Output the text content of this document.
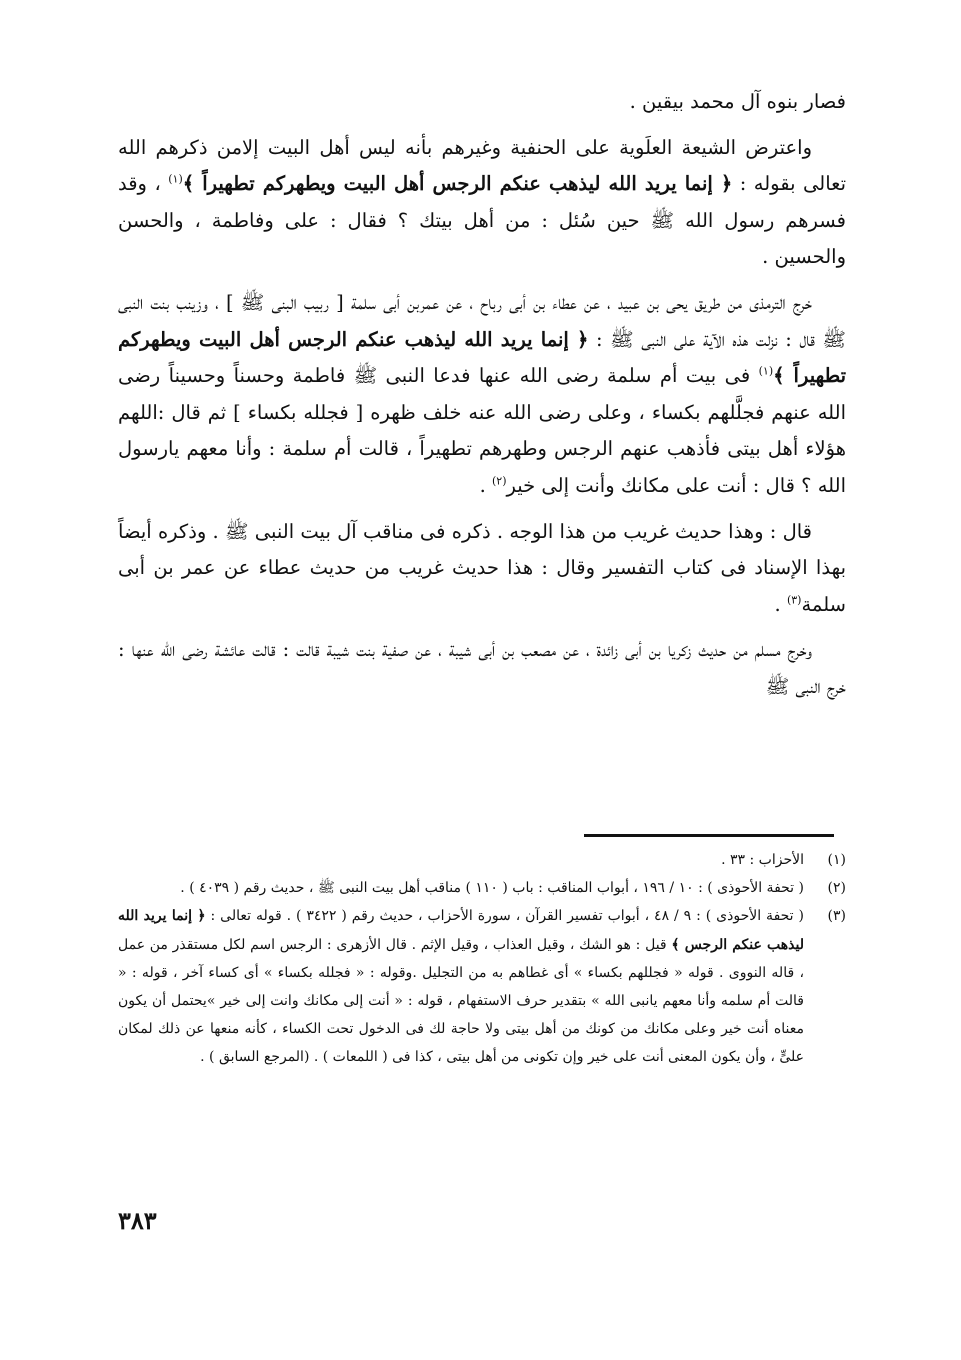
فصار بنوه آل محمد بيقين .

واعترض الشيعة العلَوية على الحنفية وغيرهم بأنه ليس أهل البيت إلامن ذكرهم الله تعالى بقوله : ﴿ إنما يريد الله ليذهب عنكم الرجس أهل البيت ويطهركم تطهيراً ﴾$^{(١)}$ ، وقد فسرهم رسول الله ﷺ حين سُئل : من أهل بيتك ؟ فقال : على وفاطمة ، والحسن والحسين .

خرج الترمذى من طريق يحى بن عبيد ، عن عطاء بن أبى رباح ، عن عمربن أبى سلمة [ ربيب البنى ﷺ ] ، وزينب بنت النبى ﷺ قال : نزلت هذه الآية على النبى ﷺ : ﴿ إنما يريد الله ليذهب عنكم الرجس أهل البيت ويطهركم تطهيراً ﴾$^{(١)}$ فى بيت أم سلمة رضى الله عنها فدعا النبى ﷺ فاطمة وحسناً وحسيناً رضى الله عنهم فجلَّلهم بكساء ، وعلى رضى الله عنه خلف ظهره [ فجلله بكساء ] ثم قال :اللهم هؤلاء أهل بيتى فأذهب عنهم الرجس وطهرهم تطهيراً ، قالت أم سلمة : وأنا معهم يارسول الله ؟ قال : أنت على مكانك وأنت إلى خير$^{(٢)}$ .

قال : وهذا حديث غريب من هذا الوجه . ذكره فى مناقب آل بيت النبى ﷺ . وذكره أيضاً بهذا الإسناد فى كتاب التفسير وقال : هذا حديث غريب من حديث عطاء عن عمر بن أبى سلمة$^{(٣)}$ .

وخرج مسلم من حديث زكريا بن أبى زائدة ، عن مصعب بن أبى شيبة ، عن صفية بنت شيبة قالت : قالت عائشة رضى الله عنها : خرج النبى ﷺ

(١)
الأحزاب : ٣٣ .
(٢)
( تحفة الأحوذى ) : ١٠ / ١٩٦ ، أبواب المناقب : باب ( ١١٠ ) مناقب أهل بيت النبى ﷺ ، حديث رقم ( ٤٠٣٩ ) .
(٣)
( تحفة الأحوذى ) : ٩ / ٤٨ ، أبواب تفسير القرآن ، سورة الأحزاب ، حديث رقم ( ٣٤٢٢ ) . قوله تعالى : ﴿ إنما يريد الله ليذهب عنكم الرجس ﴾ قيل : هو الشك ، وقيل العذاب ، وقيل الإثم . قال الأزهرى : الرجس اسم لكل مستقذر من عمل ، قاله النووى . قوله « فجللهم بكساء » أى غطاهم به من التجليل .وقوله : « فجلله بكساء » أى كساء آخر ، قوله : « قالت أم سلمه وأنا معهم يانبى الله » بتقدير حرف الاستفهام ، قوله : « أنت إلى مكانك وانت إلى خير »يحتمل أن يكون معناه أنت خير وعلى مكانك من كونك من أهل بيتى ولا حاجة لك فى الدخول تحت الكساء ، كأنه منعها عن ذلك لمكان علىٍّ ، وأن يكون المعنى أنت على خير وإن تكونى من أهل بيتى ، كذا فى ( اللمعات ) . (المرجع السابق ) .
٣٨٣
